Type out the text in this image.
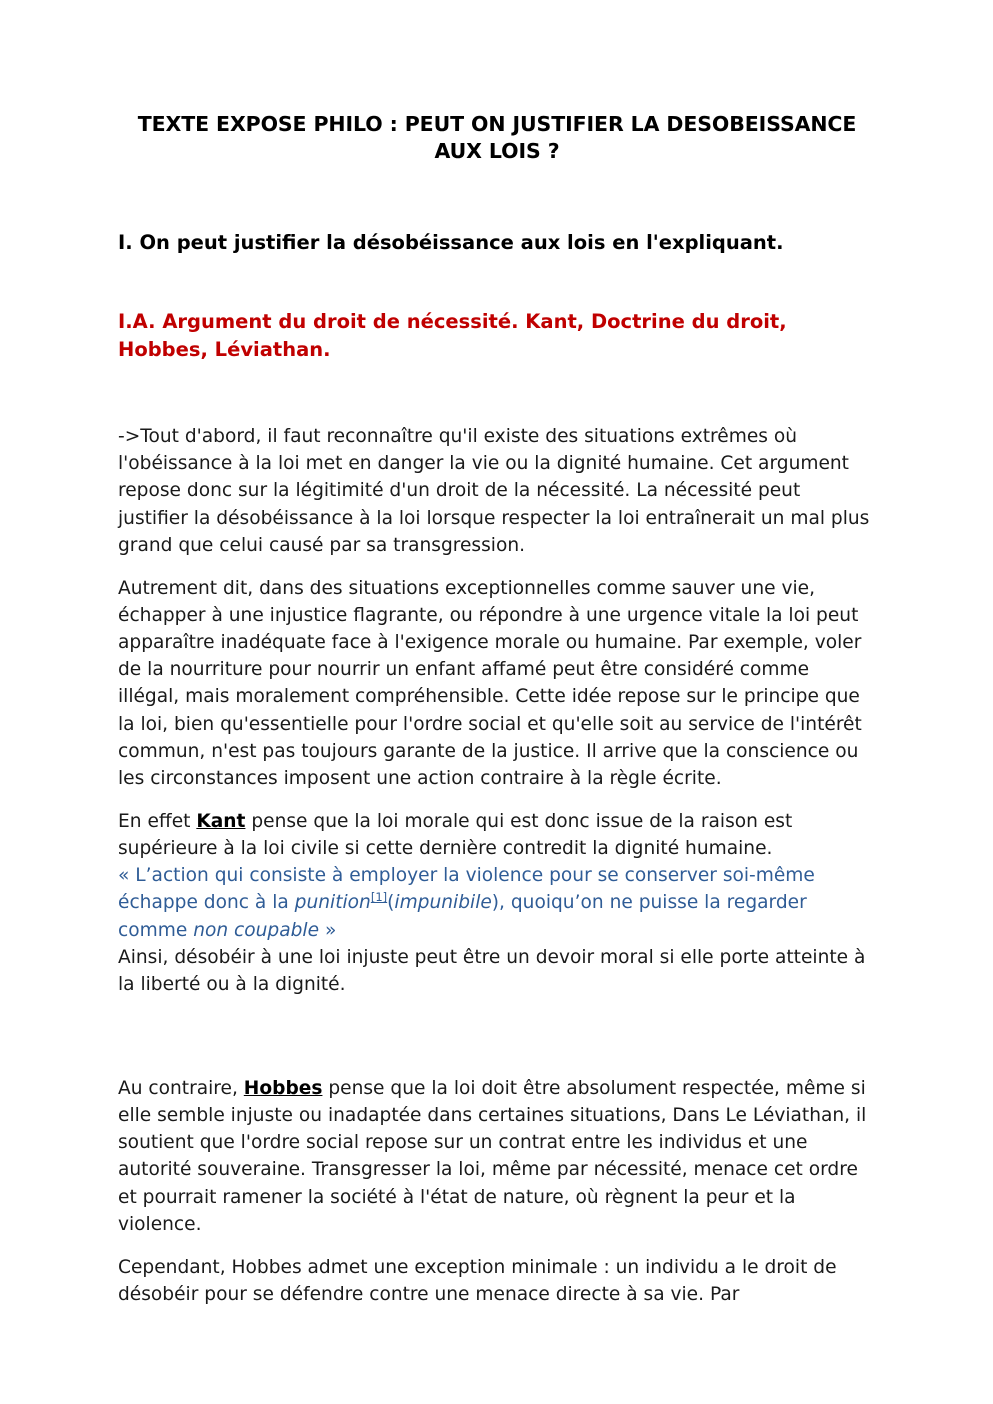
TEXTE EXPOSE PHILO : PEUT ON JUSTIFIER LA DESOBEISSANCE AUX LOIS ?
I. On peut justifier la désobéissance aux lois en l'expliquant.
I.A. Argument du droit de nécessité. Kant, Doctrine du droit, Hobbes, Léviathan.

->Tout d'abord, il faut reconnaître qu'il existe des situations extrêmes où l'obéissance à la loi met en danger la vie ou la dignité humaine. Cet argument repose donc sur la légitimité d'un droit de la nécessité. La nécessité peut justifier la désobéissance à la loi lorsque respecter la loi entraînerait un mal plus grand que celui causé par sa transgression.

Autrement dit, dans des situations exceptionnelles comme sauver une vie, échapper à une injustice flagrante, ou répondre à une urgence vitale la loi peut apparaître inadéquate face à l'exigence morale ou humaine. Par exemple, voler de la nourriture pour nourrir un enfant affamé peut être considéré comme illégal, mais moralement compréhensible. Cette idée repose sur le principe que la loi, bien qu'essentielle pour l'ordre social et qu'elle soit au service de l'intérêt commun, n'est pas toujours garante de la justice. Il arrive que la conscience ou les circonstances imposent une action contraire à la règle écrite.

En effet Kant pense que la loi morale qui est donc issue de la raison est supérieure à la loi civile si cette dernière contredit la dignité humaine.

« L’action qui consiste à employer la violence pour se conserver soi-même échappe donc à la punition[1](impunibile), quoiqu’on ne puisse la regarder comme non coupable »

Ainsi, désobéir à une loi injuste peut être un devoir moral si elle porte atteinte à la liberté ou à la dignité.

Au contraire, Hobbes pense que la loi doit être absolument respectée, même si elle semble injuste ou inadaptée dans certaines situations, Dans Le Léviathan, il soutient que l'ordre social repose sur un contrat entre les individus et une autorité souveraine. Transgresser la loi, même par nécessité, menace cet ordre et pourrait ramener la société à l'état de nature, où règnent la peur et la violence.

Cependant, Hobbes admet une exception minimale : un individu a le droit de désobéir pour se défendre contre une menace directe à sa vie. Par
